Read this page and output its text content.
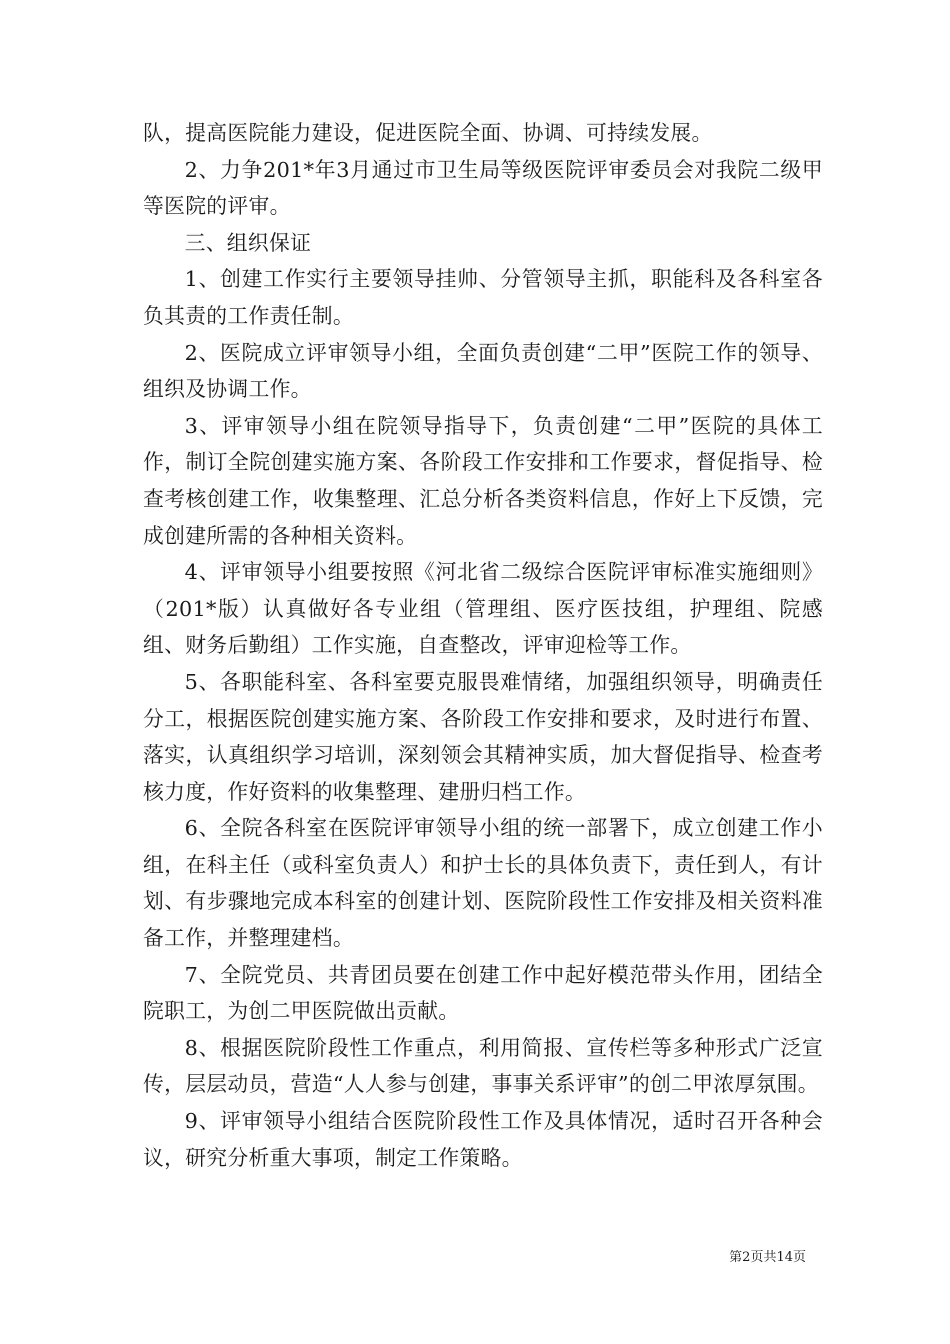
队，提高医院能力建设，促进医院全面、协调、可持续发展。

2、力争201*年3月通过市卫生局等级医院评审委员会对我院二级甲等医院的评审。

三、组织保证

1、创建工作实行主要领导挂帅、分管领导主抓，职能科及各科室各负其责的工作责任制。

2、医院成立评审领导小组，全面负责创建“二甲”医院工作的领导、组织及协调工作。

3、评审领导小组在院领导指导下，负责创建“二甲”医院的具体工作，制订全院创建实施方案、各阶段工作安排和工作要求，督促指导、检查考核创建工作，收集整理、汇总分析各类资料信息，作好上下反馈，完成创建所需的各种相关资料。

4、评审领导小组要按照《河北省二级综合医院评审标准实施细则》（201*版）认真做好各专业组（管理组、医疗医技组，护理组、院感组、财务后勤组）工作实施，自查整改，评审迎检等工作。

5、各职能科室、各科室要克服畏难情绪，加强组织领导，明确责任分工，根据医院创建实施方案、各阶段工作安排和要求，及时进行布置、落实，认真组织学习培训，深刻领会其精神实质，加大督促指导、检查考核力度，作好资料的收集整理、建册归档工作。

6、全院各科室在医院评审领导小组的统一部署下，成立创建工作小组，在科主任（或科室负责人）和护士长的具体负责下，责任到人，有计划、有步骤地完成本科室的创建计划、医院阶段性工作安排及相关资料准备工作，并整理建档。

7、全院党员、共青团员要在创建工作中起好模范带头作用，团结全院职工，为创二甲医院做出贡献。

8、根据医院阶段性工作重点，利用简报、宣传栏等多种形式广泛宣传，层层动员，营造“人人参与创建，事事关系评审”的创二甲浓厚氛围。

9、评审领导小组结合医院阶段性工作及具体情况，适时召开各种会议，研究分析重大事项，制定工作策略。

第2页共14页
